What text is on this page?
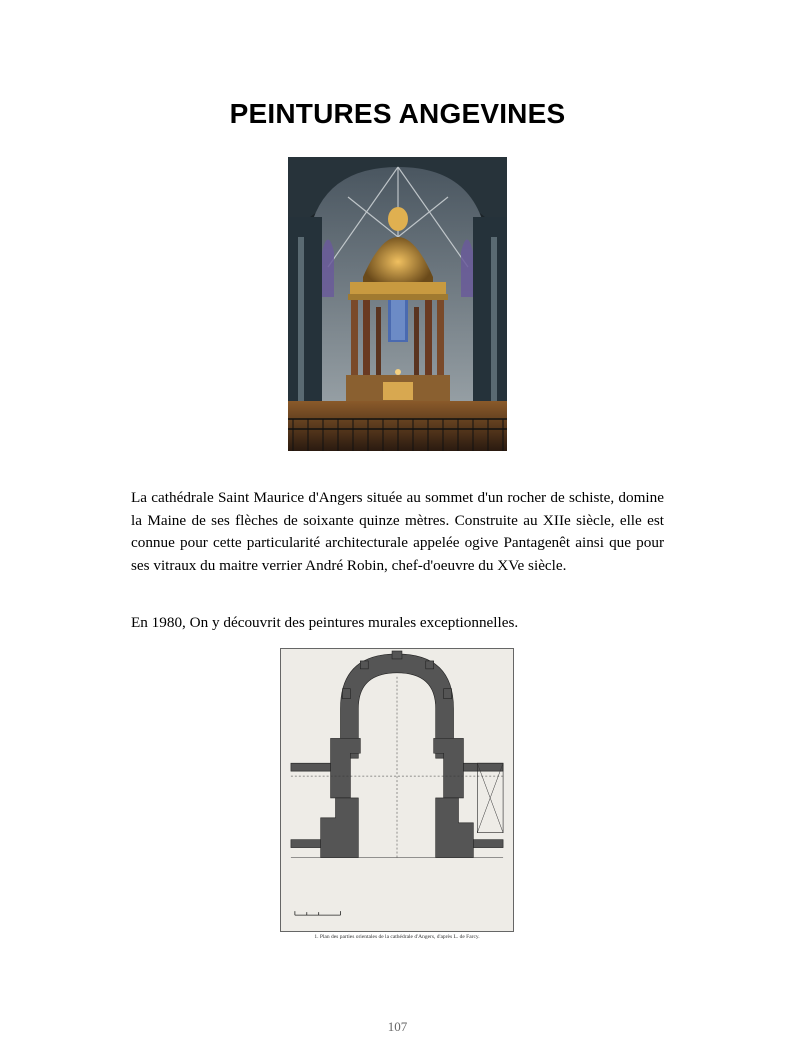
PEINTURES ANGEVINES
La cathédrale Saint Maurice d'Angers située au sommet d'un rocher de schiste, domine la Maine de ses flèches de soixante quinze mètres. Construite au XIIe siècle, elle est connue pour cette particularité architecturale appelée ogive Pantagenêt ainsi que pour ses vitraux du maitre verrier André Robin, chef-d'oeuvre du XVe siècle.
En 1980, On y découvrit des peintures murales exceptionnelles.
1. Plan des parties orientales de la cathédrale d'Angers, d'après L. de Farcy.
107
